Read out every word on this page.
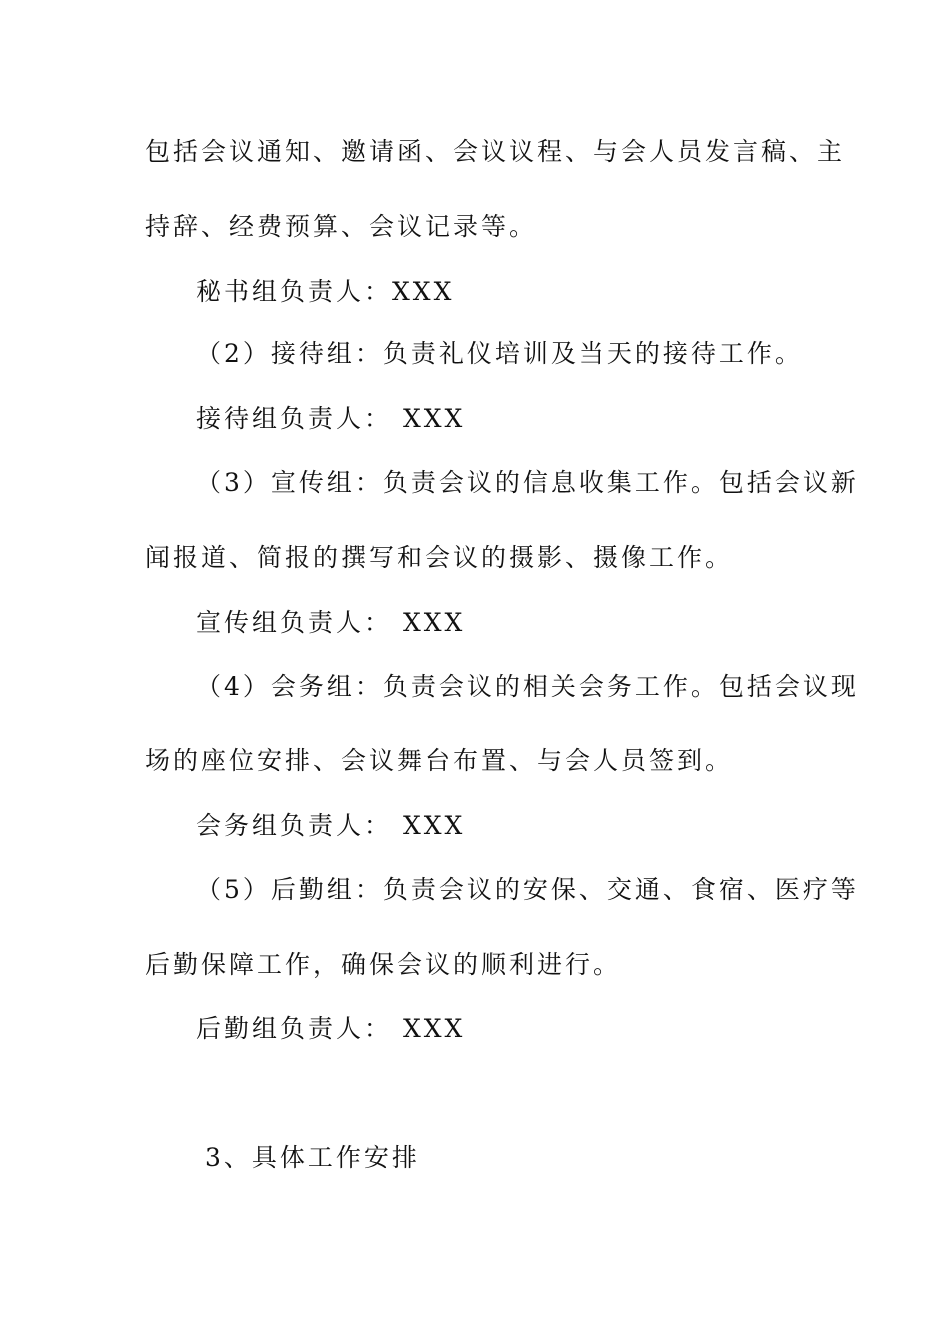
包括会议通知、邀请函、会议议程、与会人员发言稿、主
持辞、经费预算、会议记录等。
秘书组负责人：XXX
（2）接待组：负责礼仪培训及当天的接待工作。
接待组负责人： XXX
（3）宣传组：负责会议的信息收集工作。包括会议新
闻报道、简报的撰写和会议的摄影、摄像工作。
宣传组负责人： XXX
（4）会务组：负责会议的相关会务工作。包括会议现
场的座位安排、会议舞台布置、与会人员签到。
会务组负责人： XXX
（5）后勤组：负责会议的安保、交通、食宿、医疗等
后勤保障工作，确保会议的顺利进行。
后勤组负责人： XXX
3、具体工作安排
